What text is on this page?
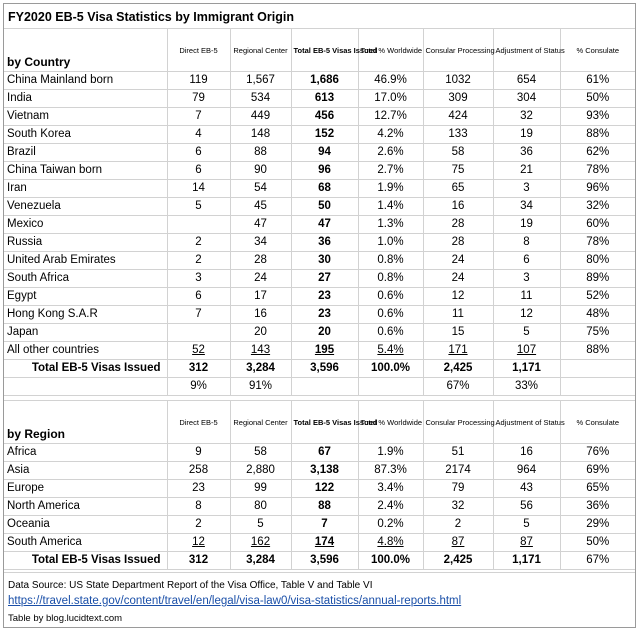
FY2020 EB-5 Visa Statistics by Immigrant Origin
by Country	Direct EB-5	Regional Center	Total EB-5 Visas Issued	Total % Worldwide	Consular Processing	Adjustment of Status	% Consulate
China Mainland born	119	1,567	1,686	46.9%	1032	654	61%
India	79	534	613	17.0%	309	304	50%
Vietnam	7	449	456	12.7%	424	32	93%
South Korea	4	148	152	4.2%	133	19	88%
Brazil	6	88	94	2.6%	58	36	62%
China Taiwan born	6	90	96	2.7%	75	21	78%
Iran	14	54	68	1.9%	65	3	96%
Venezuela	5	45	50	1.4%	16	34	32%
Mexico		47	47	1.3%	28	19	60%
Russia	2	34	36	1.0%	28	8	78%
United Arab Emirates	2	28	30	0.8%	24	6	80%
South Africa	3	24	27	0.8%	24	3	89%
Egypt	6	17	23	0.6%	12	11	52%
Hong Kong S.A.R	7	16	23	0.6%	11	12	48%
Japan		20	20	0.6%	15	5	75%
All other countries	52	143	195	5.4%	171	107	88%
Total EB-5 Visas Issued	312	3,284	3,596	100.0%	2,425	1,171	
	9%	91%			67%	33%	
by Region	Direct EB-5	Regional Center	Total EB-5 Visas Issued	Total % Worldwide	Consular Processing	Adjustment of Status	% Consulate
Africa	9	58	67	1.9%	51	16	76%
Asia	258	2,880	3,138	87.3%	2174	964	69%
Europe	23	99	122	3.4%	79	43	65%
North America	8	80	88	2.4%	32	56	36%
Oceania	2	5	7	0.2%	2	5	29%
South America	12	162	174	4.8%	87	87	50%
Total EB-5 Visas Issued	312	3,284	3,596	100.0%	2,425	1,171	67%
Data Source: US State Department Report of the Visa Office, Table V and Table VI
https://travel.state.gov/content/travel/en/legal/visa-law0/visa-statistics/annual-reports.html
Table by blog.lucidtext.com
